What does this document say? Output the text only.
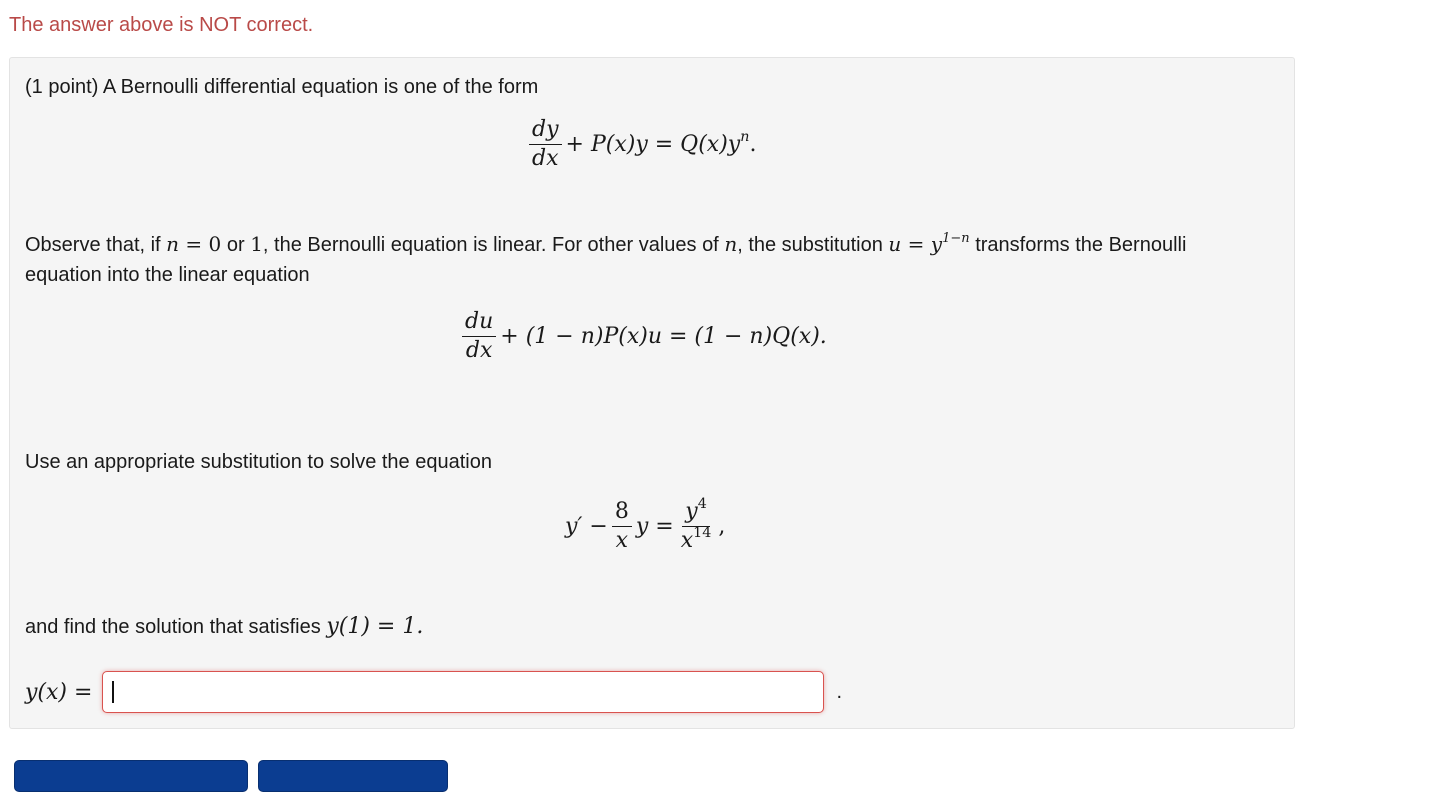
The answer above is NOT correct.
(1 point) A Bernoulli differential equation is one of the form
$\frac{dy}{dx} + P(x)y = Q(x)y^n$ .
Observe that, if n = 0 or 1, the Bernoulli equation is linear. For other values of n, the substitution $u = y^{1-n}$ transforms the Bernoulli
equation into the linear equation
$\frac{du}{dx} + (1 - n)P(x)u = (1 - n)Q(x)$.
Use an appropriate substitution to solve the equation
$y' - \frac{8}{x}$ $y = \frac{y^4}{x^{14}}$ ,
and find the solution that satisfies y(1) = 1.
y(x) =	.
